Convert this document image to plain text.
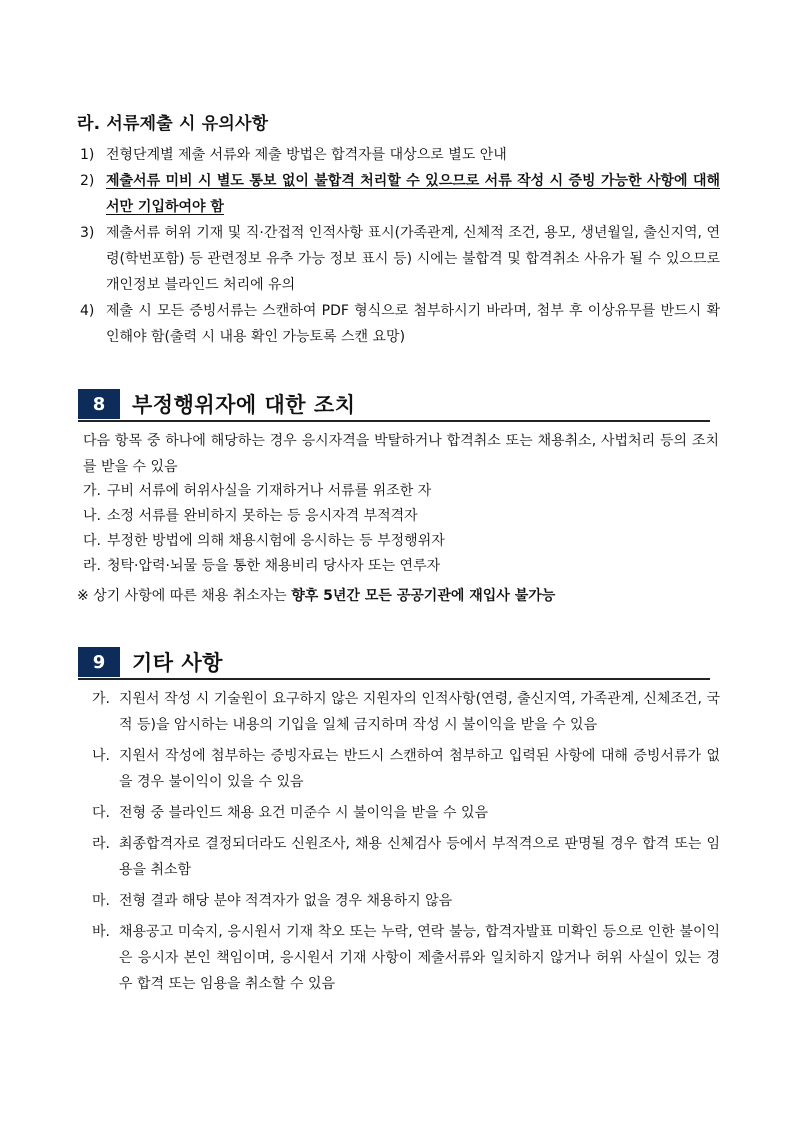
라. 서류제출 시 유의사항
1) 전형단계별 제출 서류와 제출 방법은 합격자를 대상으로 별도 안내
2) 제출서류 미비 시 별도 통보 없이 불합격 처리할 수 있으므로 서류 작성 시 증빙 가능한 사항에 대해서만 기입하여야 함
3) 제출서류 허위 기재 및 직·간접적 인적사항 표시(가족관계, 신체적 조건, 용모, 생년월일, 출신지역, 연령(학번포함) 등 관련정보 유추 가능 정보 표시 등) 시에는 불합격 및 합격취소 사유가 될 수 있으므로 개인정보 블라인드 처리에 유의
4) 제출 시 모든 증빙서류는 스캔하여 PDF 형식으로 첨부하시기 바라며, 첨부 후 이상유무를 반드시 확인해야 함(출력 시 내용 확인 가능토록 스캔 요망)
8	부정행위자에 대한 조치
다음 항목 중 하나에 해당하는 경우 응시자격을 박탈하거나 합격취소 또는 채용취소, 사법처리 등의 조치를 받을 수 있음
가. 구비 서류에 허위사실을 기재하거나 서류를 위조한 자
나. 소정 서류를 완비하지 못하는 등 응시자격 부적격자
다. 부정한 방법에 의해 채용시험에 응시하는 등 부정행위자
라. 청탁·압력·뇌물 등을 통한 채용비리 당사자 또는 연루자
※ 상기 사항에 따른 채용 취소자는 향후 5년간 모든 공공기관에 재입사 불가능
9	기타 사항
가. 지원서 작성 시 기술원이 요구하지 않은 지원자의 인적사항(연령, 출신지역, 가족관계, 신체조건, 국적 등)을 암시하는 내용의 기입을 일체 금지하며 작성 시 불이익을 받을 수 있음
나. 지원서 작성에 첨부하는 증빙자료는 반드시 스캔하여 첨부하고 입력된 사항에 대해 증빙서류가 없을 경우 불이익이 있을 수 있음
다. 전형 중 블라인드 채용 요건 미준수 시 불이익을 받을 수 있음
라. 최종합격자로 결정되더라도 신원조사, 채용 신체검사 등에서 부적격으로 판명될 경우 합격 또는 임용을 취소함
마. 전형 결과 해당 분야 적격자가 없을 경우 채용하지 않음
바. 채용공고 미숙지, 응시원서 기재 착오 또는 누락, 연락 불능, 합격자발표 미확인 등으로 인한 불이익은 응시자 본인 책임이며, 응시원서 기재 사항이 제출서류와 일치하지 않거나 허위 사실이 있는 경우 합격 또는 임용을 취소할 수 있음
